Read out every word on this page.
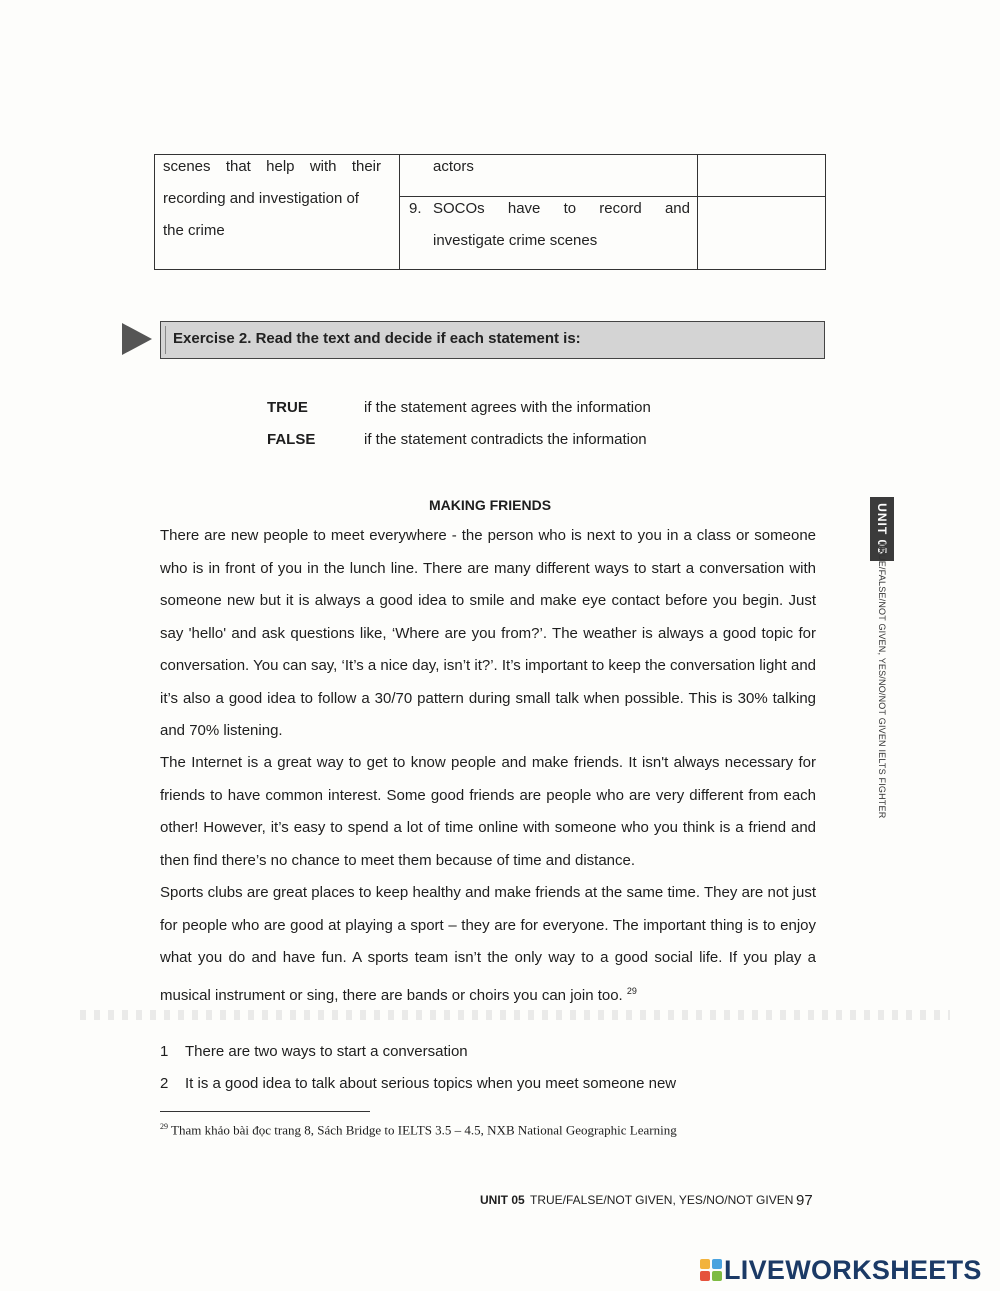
scenes that help with their
recording and investigation of
the crime
actors
9. SOCOs have to record and
investigate crime scenes
Exercise 2. Read the text and decide if each statement is:
TRUE	if the statement agrees with the information
FALSE	if the statement contradicts the information
MAKING FRIENDS

There are new people to meet everywhere - the person who is next to you in a class or someone who is in front of you in the lunch line. There are many different ways to start a conversation with someone new but it is always a good idea to smile and make eye contact before you begin. Just say 'hello' and ask questions like, ‘Where are you from?’. The weather is always a good topic for conversation. You can say, ‘It’s a nice day, isn’t it?’. It’s important to keep the conversation light and it’s also a good idea to follow a 30/70 pattern during small talk when possible. This is 30% talking and 70% listening.

The Internet is a great way to get to know people and make friends. It isn't always necessary for friends to have common interest. Some good friends are people who are very different from each other! However, it’s easy to spend a lot of time online with someone who you think is a friend and then find there’s no chance to meet them because of time and distance.

Sports clubs are great places to keep healthy and make friends at the same time. They are not just for people who are good at playing a sport – they are for everyone. The important thing is to enjoy what you do and have fun. A sports team isn’t the only way to a good social life. If you play a musical instrument or sing, there are bands or choirs you can join too. $^{29}$

1 There are two ways to start a conversation
2 It is a good idea to talk about serious topics when you meet someone new
$^{29}$ Tham khảo bài đọc trang 8, Sách Bridge to IELTS 3.5 – 4.5, NXB National Geographic Learning
UNIT 05 TRUE/FALSE/NOT GIVEN, YES/NO/NOT GIVEN 97
UNIT 05
TRUE/FALSE/NOT GIVEN, YES/NO/NOT GIVEN IELTS FIGHTER
LIVEWORKSHEETS
